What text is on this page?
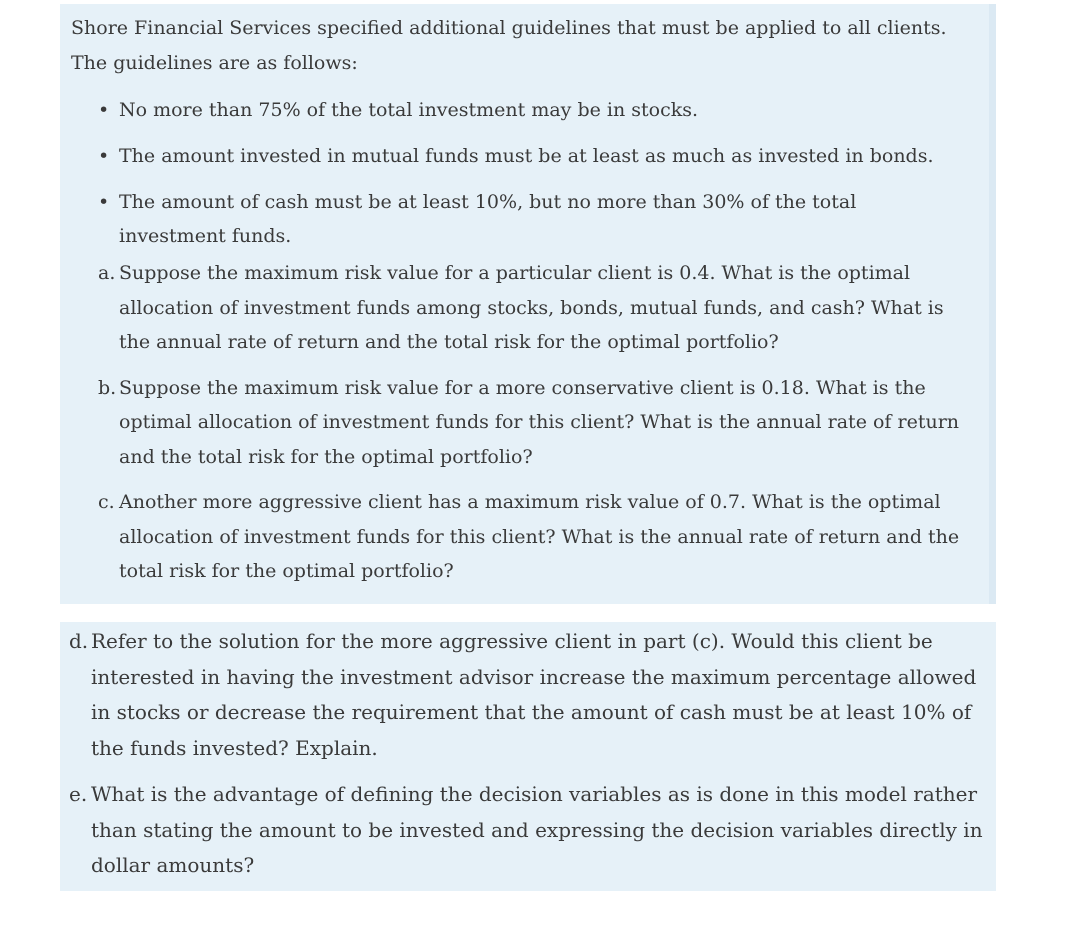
Shore Financial Services specified additional guidelines that must be applied to all clients. The guidelines are as follows:

• No more than 75% of the total investment may be in stocks.
• The amount invested in mutual funds must be at least as much as invested in bonds.
• The amount of cash must be at least 10%, but no more than 30% of the total investment funds.
a. Suppose the maximum risk value for a particular client is 0.4. What is the optimal allocation of investment funds among stocks, bonds, mutual funds, and cash? What is the annual rate of return and the total risk for the optimal portfolio?
b. Suppose the maximum risk value for a more conservative client is 0.18. What is the optimal allocation of investment funds for this client? What is the annual rate of return and the total risk for the optimal portfolio?
c. Another more aggressive client has a maximum risk value of 0.7. What is the optimal allocation of investment funds for this client? What is the annual rate of return and the total risk for the optimal portfolio?
d. Refer to the solution for the more aggressive client in part (c). Would this client be interested in having the investment advisor increase the maximum percentage allowed in stocks or decrease the requirement that the amount of cash must be at least 10% of the funds invested? Explain.
e. What is the advantage of defining the decision variables as is done in this model rather than stating the amount to be invested and expressing the decision variables directly in dollar amounts?
